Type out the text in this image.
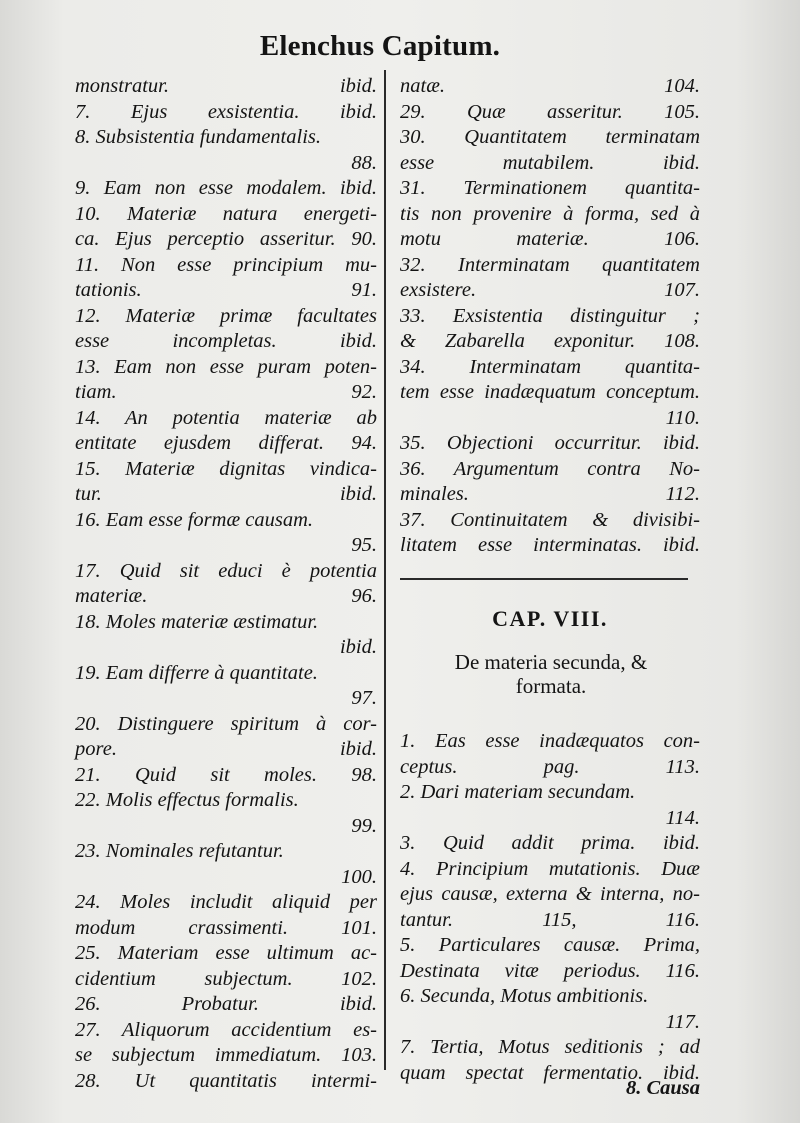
Elenchus Capitum.
monstratur. ibid.
7. Ejus exsistentia. ibid.
8. Subsistentia fundamentalis.
88.
9. Eam non esse modalem. ibid.
10. Materiæ natura energeti-
ca. Ejus perceptio asseritur. 90.
11. Non esse principium mu-
tationis. 91.
12. Materiæ primæ facultates
esse incompletas. ibid.
13. Eam non esse puram poten-
tiam. 92.
14. An potentia materiæ ab
entitate ejusdem differat. 94.
15. Materiæ dignitas vindica-
tur. ibid.
16. Eam esse formæ causam.
95.
17. Quid sit educi è potentia
materiæ. 96.
18. Moles materiæ æstimatur.
ibid.
19. Eam differre à quantitate.
97.
20. Distinguere spiritum à cor-
pore. ibid.
21. Quid sit moles. 98.
22. Molis effectus formalis.
99.
23. Nominales refutantur.
100.
24. Moles includit aliquid per
modum crassimenti. 101.
25. Materiam esse ultimum ac-
cidentium subjectum. 102.
26. Probatur. ibid.
27. Aliquorum accidentium es-
se subjectum immediatum. 103.
28. Ut quantitatis intermi-
natæ. 104.
29. Quæ asseritur. 105.
30. Quantitatem terminatam
esse mutabilem. ibid.
31. Terminationem quantita-
tis non provenire à forma, sed à
motu materiæ. 106.
32. Interminatam quantitatem
exsistere. 107.
33. Exsistentia distinguitur ;
& Zabarella exponitur. 108.
34. Interminatam quantita-
tem esse inadæquatum conceptum.
110.
35. Objectioni occurritur. ibid.
36. Argumentum contra No-
minales. 112.
37. Continuitatem & divisibi-
litatem esse interminatas. ibid.
CAP. VIII.
De materia secunda, &
formata.
1. Eas esse inadæquatos con-
ceptus. pag. 113.
2. Dari materiam secundam.
114.
3. Quid addit prima. ibid.
4. Principium mutationis. Duæ
ejus causæ, externa & interna, no-
tantur. 115, 116.
5. Particulares causæ. Prima,
Destinata vitæ periodus. 116.
6. Secunda, Motus ambitionis.
117.
7. Tertia, Motus seditionis ; ad
quam spectat fermentatio. ibid.
8. Causa
